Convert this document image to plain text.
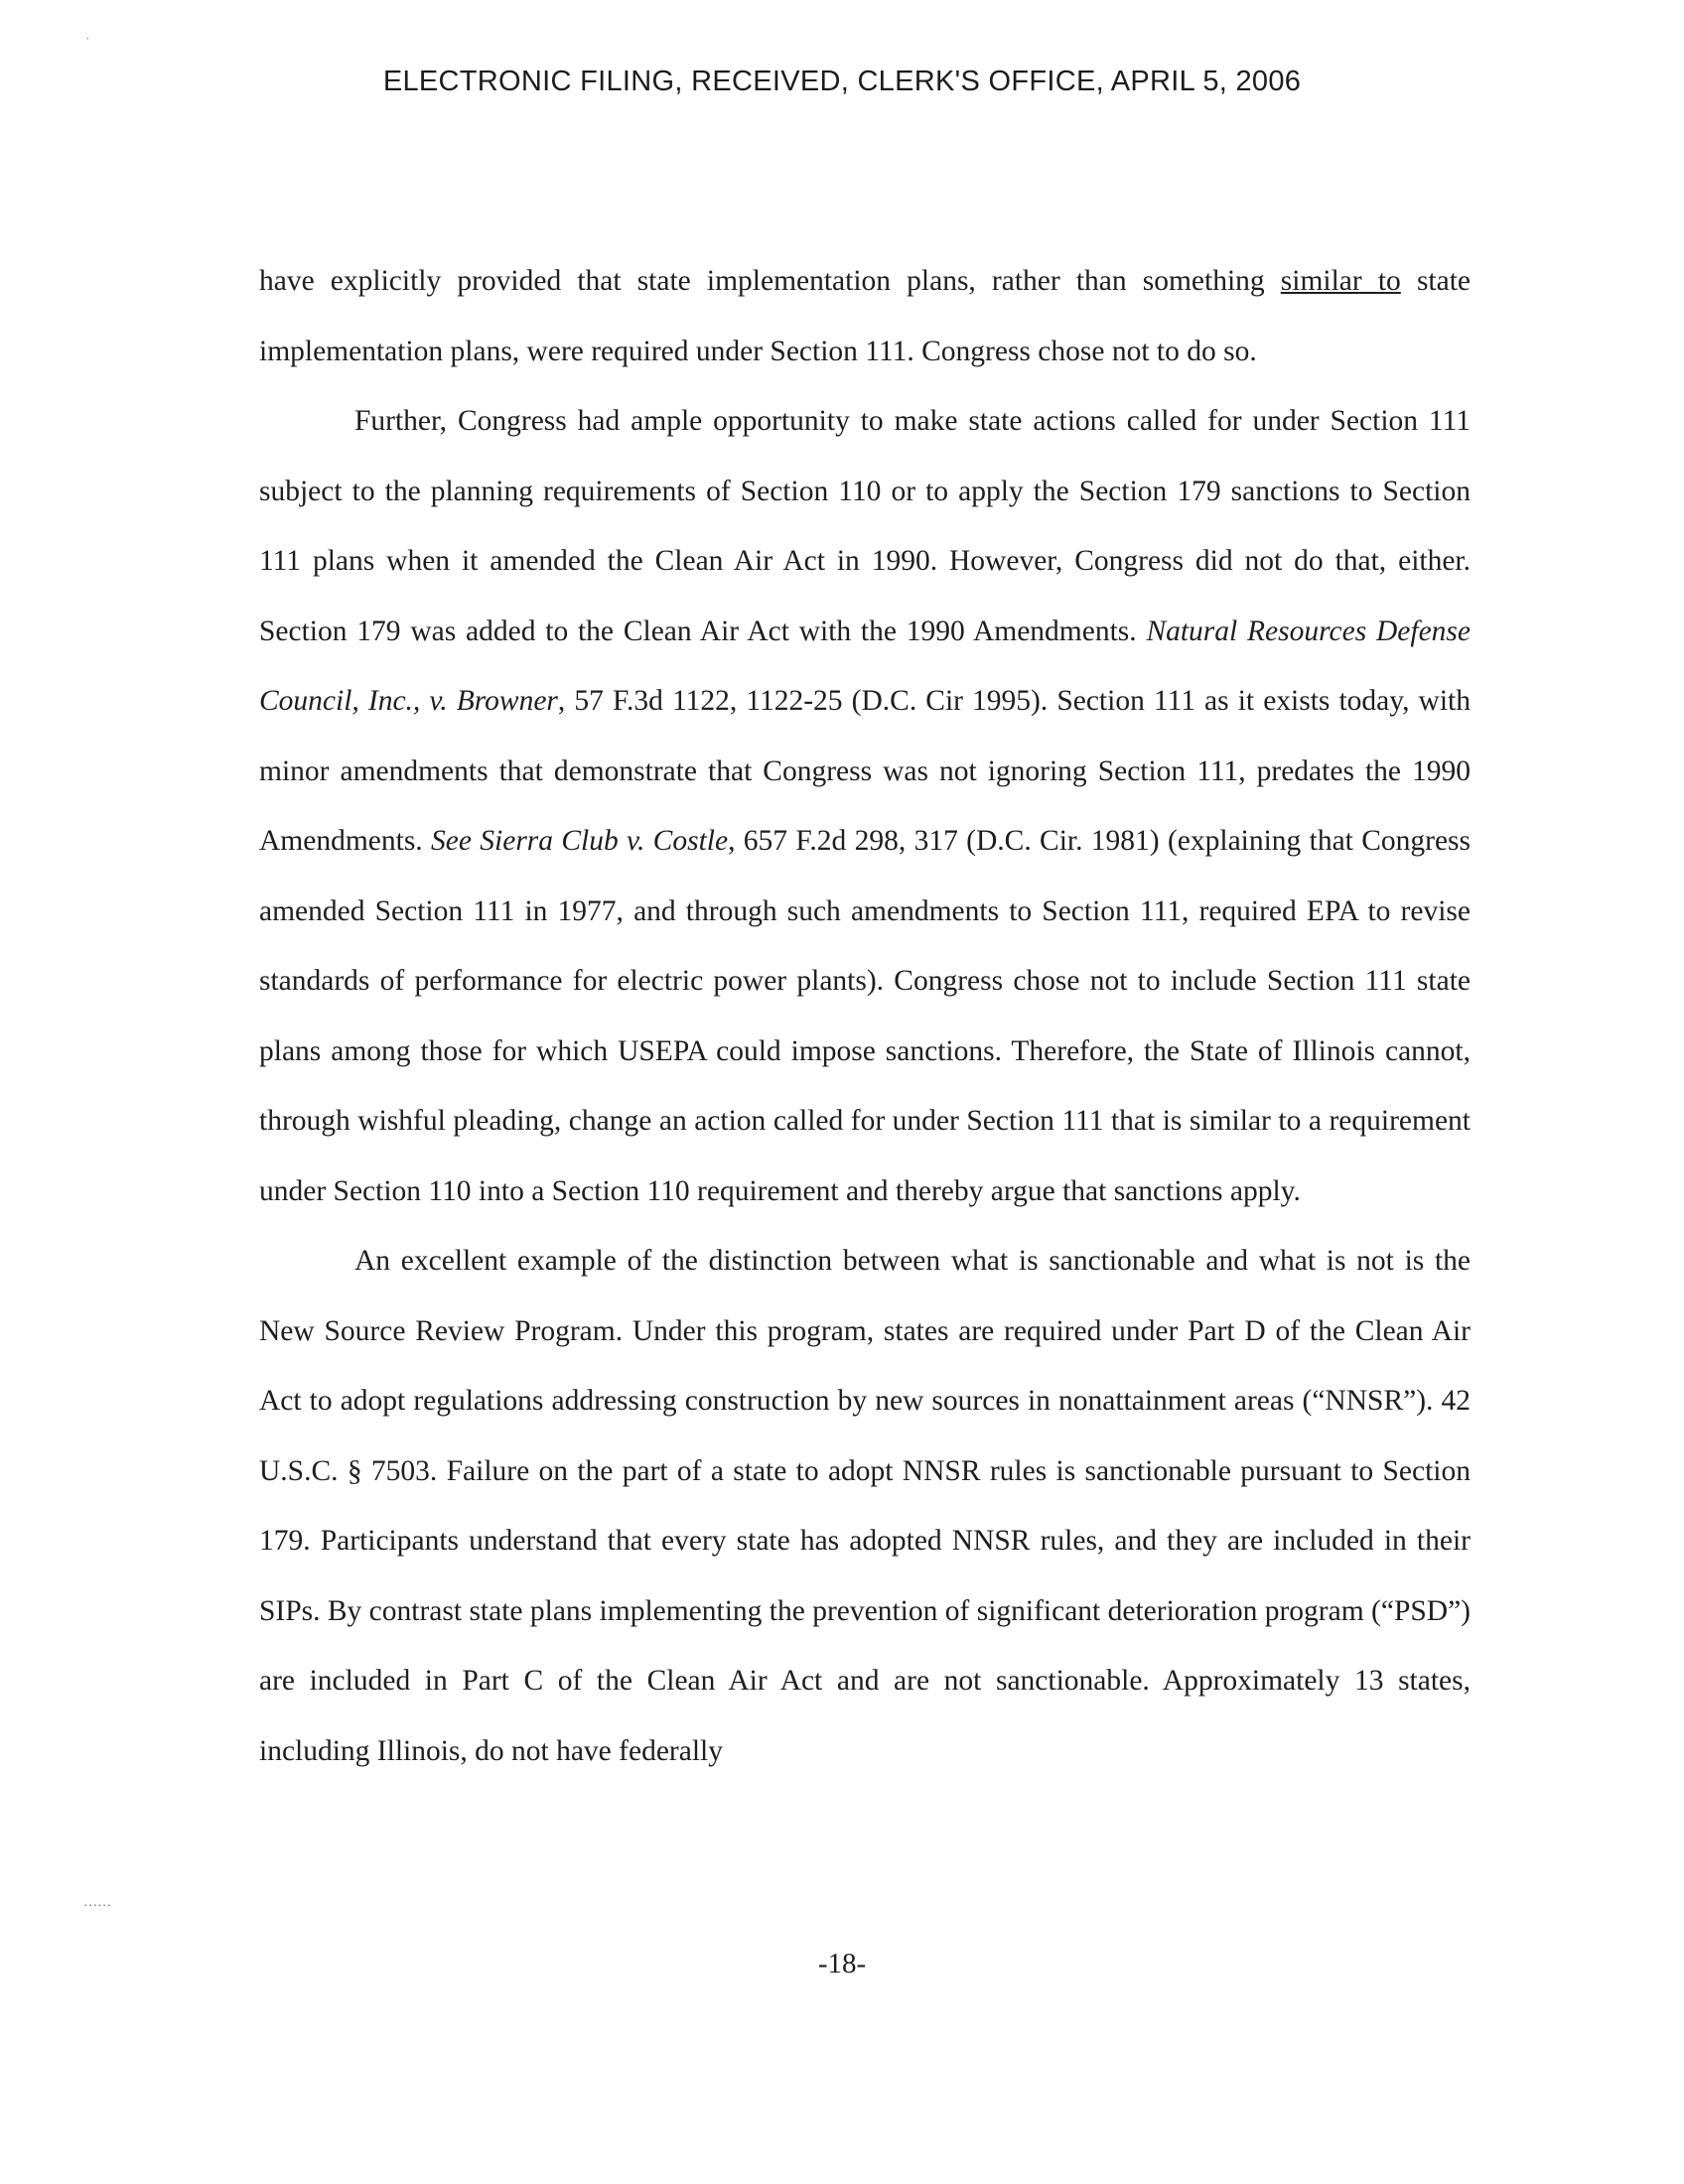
ELECTRONIC FILING, RECEIVED, CLERK'S OFFICE, APRIL 5, 2006

have explicitly provided that state implementation plans, rather than something similar to state implementation plans, were required under Section 111. Congress chose not to do so.

Further, Congress had ample opportunity to make state actions called for under Section 111 subject to the planning requirements of Section 110 or to apply the Section 179 sanctions to Section 111 plans when it amended the Clean Air Act in 1990. However, Congress did not do that, either. Section 179 was added to the Clean Air Act with the 1990 Amendments. Natural Resources Defense Council, Inc., v. Browner, 57 F.3d 1122, 1122-25 (D.C. Cir 1995). Section 111 as it exists today, with minor amendments that demonstrate that Congress was not ignoring Section 111, predates the 1990 Amendments. See Sierra Club v. Costle, 657 F.2d 298, 317 (D.C. Cir. 1981) (explaining that Congress amended Section 111 in 1977, and through such amendments to Section 111, required EPA to revise standards of performance for electric power plants). Congress chose not to include Section 111 state plans among those for which USEPA could impose sanctions. Therefore, the State of Illinois cannot, through wishful pleading, change an action called for under Section 111 that is similar to a requirement under Section 110 into a Section 110 requirement and thereby argue that sanctions apply.

An excellent example of the distinction between what is sanctionable and what is not is the New Source Review Program. Under this program, states are required under Part D of the Clean Air Act to adopt regulations addressing construction by new sources in nonattainment areas (“NNSR”). 42 U.S.C. § 7503. Failure on the part of a state to adopt NNSR rules is sanctionable pursuant to Section 179. Participants understand that every state has adopted NNSR rules, and they are included in their SIPs. By contrast state plans implementing the prevention of significant deterioration program (“PSD”) are included in Part C of the Clean Air Act and are not sanctionable. Approximately 13 states, including Illinois, do not have federally

-18-
˙
‥‥‥
